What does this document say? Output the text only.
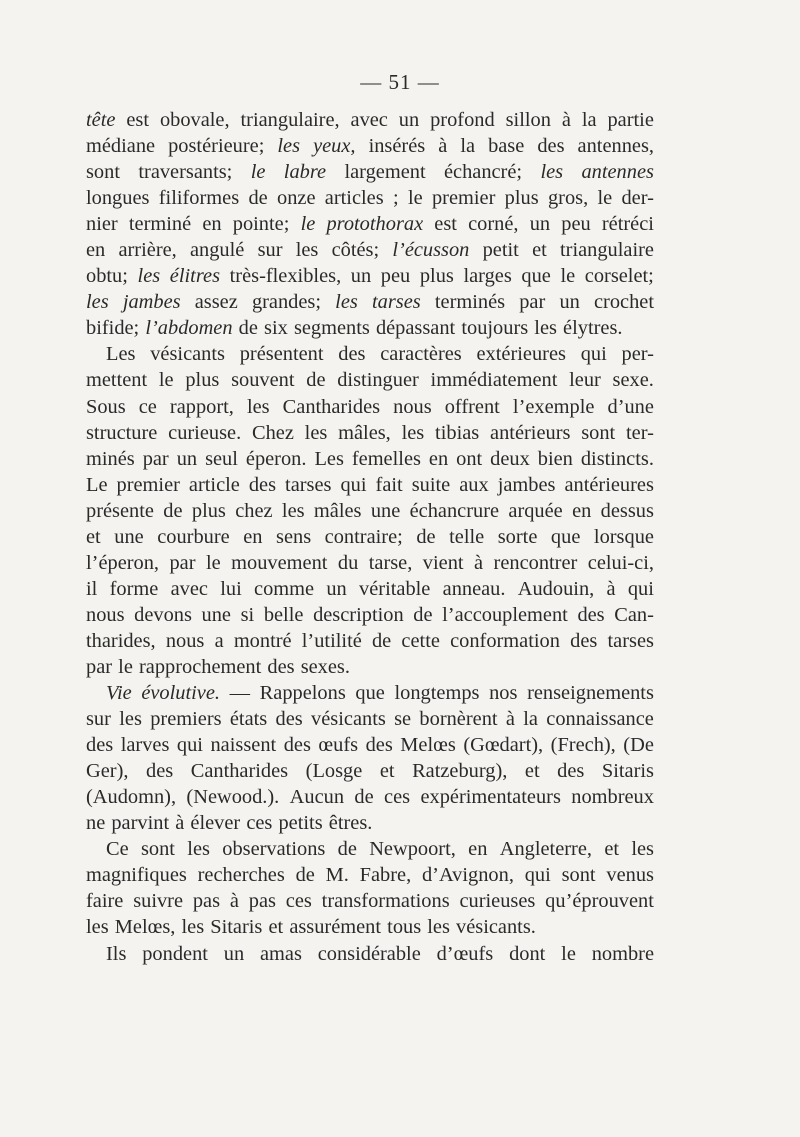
— 51 —
tête est obovale, triangulaire, avec un profond sillon à la partie
médiane postérieure; les yeux, insérés à la base des antennes,
sont traversants; le labre largement échancré; les antennes
longues filiformes de onze articles ; le premier plus gros, le der-
nier terminé en pointe; le protothorax est corné, un peu rétréci
en arrière, angulé sur les côtés; l’écusson petit et triangulaire
obtu; les élitres très-flexibles, un peu plus larges que le corselet;
les jambes assez grandes; les tarses terminés par un crochet
bifide; l’abdomen de six segments dépassant toujours les élytres.
Les vésicants présentent des caractères extérieures qui per-
mettent le plus souvent de distinguer immédiatement leur sexe.
Sous ce rapport, les Cantharides nous offrent l’exemple d’une
structure curieuse. Chez les mâles, les tibias antérieurs sont ter-
minés par un seul éperon. Les femelles en ont deux bien distincts.
Le premier article des tarses qui fait suite aux jambes antérieures
présente de plus chez les mâles une échancrure arquée en dessus
et une courbure en sens contraire; de telle sorte que lorsque
l’éperon, par le mouvement du tarse, vient à rencontrer celui-ci,
il forme avec lui comme un véritable anneau. Audouin, à qui
nous devons une si belle description de l’accouplement des Can-
tharides, nous a montré l’utilité de cette conformation des tarses
par le rapprochement des sexes.
Vie évolutive. — Rappelons que longtemps nos renseignements
sur les premiers états des vésicants se bornèrent à la connaissance
des larves qui naissent des œufs des Melœs (Gœdart), (Frech), (De
Ger), des Cantharides (Losge et Ratzeburg), et des Sitaris
(Audomn), (Newood.). Aucun de ces expérimentateurs nombreux
ne parvint à élever ces petits êtres.
Ce sont les observations de Newpoort, en Angleterre, et les
magnifiques recherches de M. Fabre, d’Avignon, qui sont venus
faire suivre pas à pas ces transformations curieuses qu’éprouvent
les Melœs, les Sitaris et assurément tous les vésicants.
Ils pondent un amas considérable d’œufs dont le nombre
